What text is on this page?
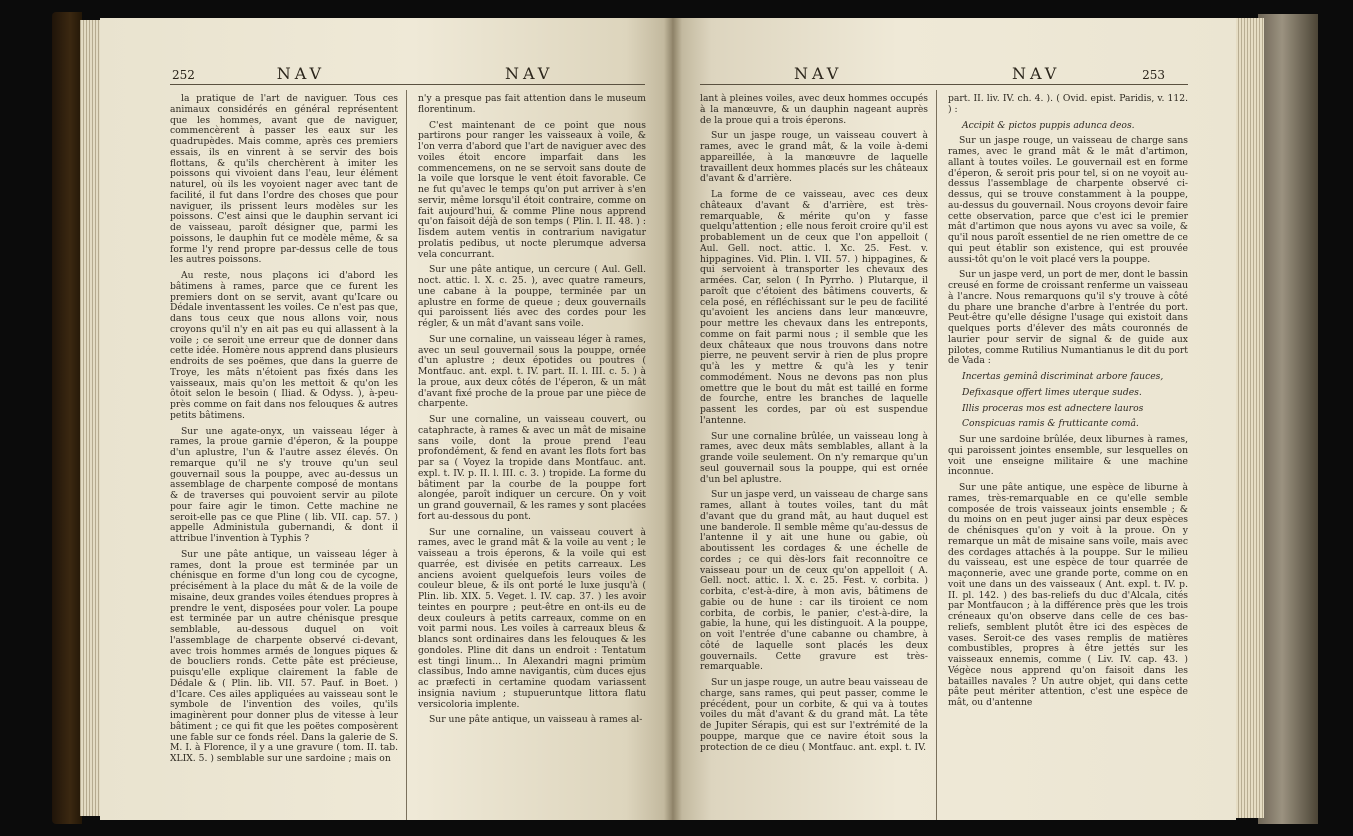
252	NAV	NAV

la pratique de l'art de naviguer. Tous ces animaux considérés en général représentent que les hommes, avant que de naviguer, commencèrent à passer les eaux sur les quadrupèdes. Mais comme, après ces premiers essais, ils en vinrent à se servir des bois flottans, & qu'ils cherchèrent à imiter les poissons qui vivoient dans l'eau, leur élément naturel, où ils les voyoient nager avec tant de facilité, il fut dans l'ordre des choses que pour naviguer, ils prissent leurs modèles sur les poissons. C'est ainsi que le dauphin servant ici de vaisseau, paroît désigner que, parmi les poissons, le dauphin fut ce modèle même, & sa forme l'y rend propre par-dessus celle de tous les autres poissons.

Au reste, nous plaçons ici d'abord les bâtimens à rames, parce que ce furent les premiers dont on se servit, avant qu'Icare ou Dédale inventassent les voiles. Ce n'est pas que, dans tous ceux que nous allons voir, nous croyons qu'il n'y en ait pas eu qui allassent à la voile ; ce seroit une erreur que de donner dans cette idée. Homère nous apprend dans plusieurs endroits de ses poëmes, que dans la guerre de Troye, les mâts n'étoient pas fixés dans les vaisseaux, mais qu'on les mettoit & qu'on les ôtoit selon le besoin ( Iliad. & Odyss. ), à-peu-près comme on fait dans nos felouques & autres petits bâtimens.

Sur une agate-onyx, un vaisseau léger à rames, la proue garnie d'éperon, & la pouppe d'un aplustre, l'un & l'autre assez élevés. On remarque qu'il ne s'y trouve qu'un seul gouvernail sous la pouppe, avec au-dessus un assemblage de charpente composé de montans & de traverses qui pouvoient servir au pilote pour faire agir le timon. Cette machine ne seroit-elle pas ce que Pline ( lib. VII. cap. 57. ) appelle Administula gubernandi, & dont il attribue l'invention à Typhis ?

Sur une pâte antique, un vaisseau léger à rames, dont la proue est terminée par un chénisque en forme d'un long cou de cycogne, précisément à la place du mât & de la voile de misaine, deux grandes voiles étendues propres à prendre le vent, disposées pour voler. La poupe est terminée par un autre chénisque presque semblable, au-dessous duquel on voit l'assemblage de charpente observé ci-devant, avec trois hommes armés de longues piques & de boucliers ronds. Cette pâte est précieuse, puisqu'elle explique clairement la fable de Dédale & ( Plin. lib. VII. 57. Pauf. in Boet. ) d'Icare. Ces ailes appliquées au vaisseau sont le symbole de l'invention des voiles, qu'ils imaginèrent pour donner plus de vitesse à leur bâtiment ; ce qui fit que les poëtes composèrent une fable sur ce fonds réel. Dans la galerie de S. M. I. à Florence, il y a une gravure ( tom. II. tab. XLIX. 5. ) semblable sur une sardoine ; mais on

n'y a presque pas fait attention dans le museum florentinum.

C'est maintenant de ce point que nous partirons pour ranger les vaisseaux à voile, & l'on verra d'abord que l'art de naviguer avec des voiles étoit encore imparfait dans les commencemens, on ne se servoit sans doute de la voile que lorsque le vent étoit favorable. Ce ne fut qu'avec le temps qu'on put arriver à s'en servir, même lorsqu'il étoit contraire, comme on fait aujourd'hui, & comme Pline nous apprend qu'on faisoit déjà de son temps ( Plin. l. II. 48. ) : Iisdem autem ventis in contrarium navigatur prolatis pedibus, ut nocte plerumque adversa vela concurrant.

Sur une pâte antique, un cercure ( Aul. Gell. noct. attic. l. X. c. 25. ), avec quatre rameurs, une cabane à la pouppe, terminée par un aplustre en forme de queue ; deux gouvernails qui paroissent liés avec des cordes pour les régler, & un mât d'avant sans voile.

Sur une cornaline, un vaisseau léger à rames, avec un seul gouvernail sous la pouppe, ornée d'un aplustre ; deux épotides ou poutres ( Montfauc. ant. expl. t. IV. part. II. l. III. c. 5. ) à la proue, aux deux côtés de l'éperon, & un mât d'avant fixé proche de la proue par une pièce de charpente.

Sur une cornaline, un vaisseau couvert, ou cataphracte, à rames & avec un mât de misaine sans voile, dont la proue prend l'eau profondément, & fend en avant les flots fort bas par sa ( Voyez la tropide dans Montfauc. ant. expl. t. IV. p. II. l. III. c. 3. ) tropide. La forme du bâtiment par la courbe de la pouppe fort alongée, paroît indiquer un cercure. On y voit un grand gouvernail, & les rames y sont placées fort au-dessous du pont.

Sur une cornaline, un vaisseau couvert à rames, avec le grand mât & la voile au vent ; le vaisseau a trois éperons, & la voile qui est quarrée, est divisée en petits carreaux. Les anciens avoient quelquefois leurs voiles de couleur bleue, & ils ont porté le luxe jusqu'à ( Plin. lib. XIX. 5. Veget. l. IV. cap. 37. ) les avoir teintes en pourpre ; peut-être en ont-ils eu de deux couleurs à petits carreaux, comme on en voit parmi nous. Les voiles à carreaux bleus & blancs sont ordinaires dans les felouques & les gondoles. Pline dit dans un endroit : Tentatum est tingi linum... In Alexandri magni primùm classibus, Indo amne navigantis, cùm duces ejus ac præfecti in certamine quodam variassent insignia navium ; stupueruntque littora flatu versicoloria implente.

Sur une pâte antique, un vaisseau à rames al-

NAV	NAV	253

lant à pleines voiles, avec deux hommes occupés à la manœuvre, & un dauphin nageant auprès de la proue qui a trois éperons.

Sur un jaspe rouge, un vaisseau couvert à rames, avec le grand mât, & la voile à-demi appareillée, à la manœuvre de laquelle travaillent deux hommes placés sur les châteaux d'avant & d'arrière.

La forme de ce vaisseau, avec ces deux châteaux d'avant & d'arrière, est très-remarquable, & mérite qu'on y fasse quelqu'attention ; elle nous feroit croire qu'il est probablement un de ceux que l'on appelloit ( Aul. Gell. noct. attic. l. Xc. 25. Fest. v. hippagines. Vid. Plin. l. VII. 57. ) hippagines, & qui servoient à transporter les chevaux des armées. Car, selon ( In Pyrrho. ) Plutarque, il paroît que c'étoient des bâtimens couverts, & cela posé, en réfléchissant sur le peu de facilité qu'avoient les anciens dans leur manœuvre, pour mettre les chevaux dans les entreponts, comme on fait parmi nous ; il semble que les deux châteaux que nous trouvons dans notre pierre, ne peuvent servir à rien de plus propre qu'à les y mettre & qu'à les y tenir commodément. Nous ne devons pas non plus omettre que le bout du mât est taillé en forme de fourche, entre les branches de laquelle passent les cordes, par où est suspendue l'antenne.

Sur une cornaline brûlée, un vaisseau long à rames, avec deux mâts semblables, allant à la grande voile seulement. On n'y remarque qu'un seul gouvernail sous la pouppe, qui est ornée d'un bel aplustre.

Sur un jaspe verd, un vaisseau de charge sans rames, allant à toutes voiles, tant du mât d'avant que du grand mât, au haut duquel est une banderole. Il semble même qu'au-dessus de l'antenne il y ait une hune ou gabie, où aboutissent les cordages & une échelle de cordes ; ce qui dès-lors fait reconnoître ce vaisseau pour un de ceux qu'on appelloit ( A. Gell. noct. attic. l. X. c. 25. Fest. v. corbita. ) corbita, c'est-à-dire, à mon avis, bâtimens de gabie ou de hune : car ils tiroient ce nom corbita, de corbis, le panier, c'est-à-dire, la gabie, la hune, qui les distinguoit. A la pouppe, on voit l'entrée d'une cabanne ou chambre, à côté de laquelle sont placés les deux gouvernails. Cette gravure est très-remarquable.

Sur un jaspe rouge, un autre beau vaisseau de charge, sans rames, qui peut passer, comme le précédent, pour un corbite, & qui va à toutes voiles du mât d'avant & du grand mât. La tête de Jupiter Sérapis, qui est sur l'extrémité de la pouppe, marque que ce navire étoit sous la protection de ce dieu ( Montfauc. ant. expl. t. IV.

part. II. liv. IV. ch. 4. ). ( Ovid. epist. Paridis, v. 112. ) :

Accipit & pictos puppis adunca deos.

Sur un jaspe rouge, un vaisseau de charge sans rames, avec le grand mât & le mât d'artimon, allant à toutes voiles. Le gouvernail est en forme d'éperon, & seroit pris pour tel, si on ne voyoit au-dessus l'assemblage de charpente observé ci-dessus, qui se trouve constamment à la pouppe, au-dessus du gouvernail. Nous croyons devoir faire cette observation, parce que c'est ici le premier mât d'artimon que nous ayons vu avec sa voile, & qu'il nous paroît essentiel de ne rien omettre de ce qui peut établir son existence, qui est prouvée aussi-tôt qu'on le voit placé vers la pouppe.

Sur un jaspe verd, un port de mer, dont le bassin creusé en forme de croissant renferme un vaisseau à l'ancre. Nous remarquons qu'il s'y trouve à côté du phare une branche d'arbre à l'entrée du port. Peut-être qu'elle désigne l'usage qui existoit dans quelques ports d'élever des mâts couronnés de laurier pour servir de signal & de guide aux pilotes, comme Rutilius Numantianus le dit du port de Vada :

Incertas geminâ discriminat arbore fauces,

Defixasque offert limes uterque sudes.

Illis proceras mos est adnectere lauros

Conspicuas ramis & frutticante comâ.

Sur une sardoine brûlée, deux liburnes à rames, qui paroissent jointes ensemble, sur lesquelles on voit une enseigne militaire & une machine inconnue.

Sur une pâte antique, une espèce de liburne à rames, très-remarquable en ce qu'elle semble composée de trois vaisseaux joints ensemble ; & du moins on en peut juger ainsi par deux espèces de chénisques qu'on y voit à la proue. On y remarque un mât de misaine sans voile, mais avec des cordages attachés à la pouppe. Sur le milieu du vaisseau, est une espèce de tour quarrée de maçonnerie, avec une grande porte, comme on en voit une dans un des vaisseaux ( Ant. expl. t. IV. p. II. pl. 142. ) des bas-reliefs du duc d'Alcala, cités par Montfaucon ; à la différence près que les trois créneaux qu'on observe dans celle de ces bas-reliefs, semblent plutôt être ici des espèces de vases. Seroit-ce des vases remplis de matières combustibles, propres à être jettés sur les vaisseaux ennemis, comme ( Liv. IV. cap. 43. ) Végèce nous apprend qu'on faisoit dans les batailles navales ? Un autre objet, qui dans cette pâte peut mériter attention, c'est une espèce de mât, ou d'antenne
